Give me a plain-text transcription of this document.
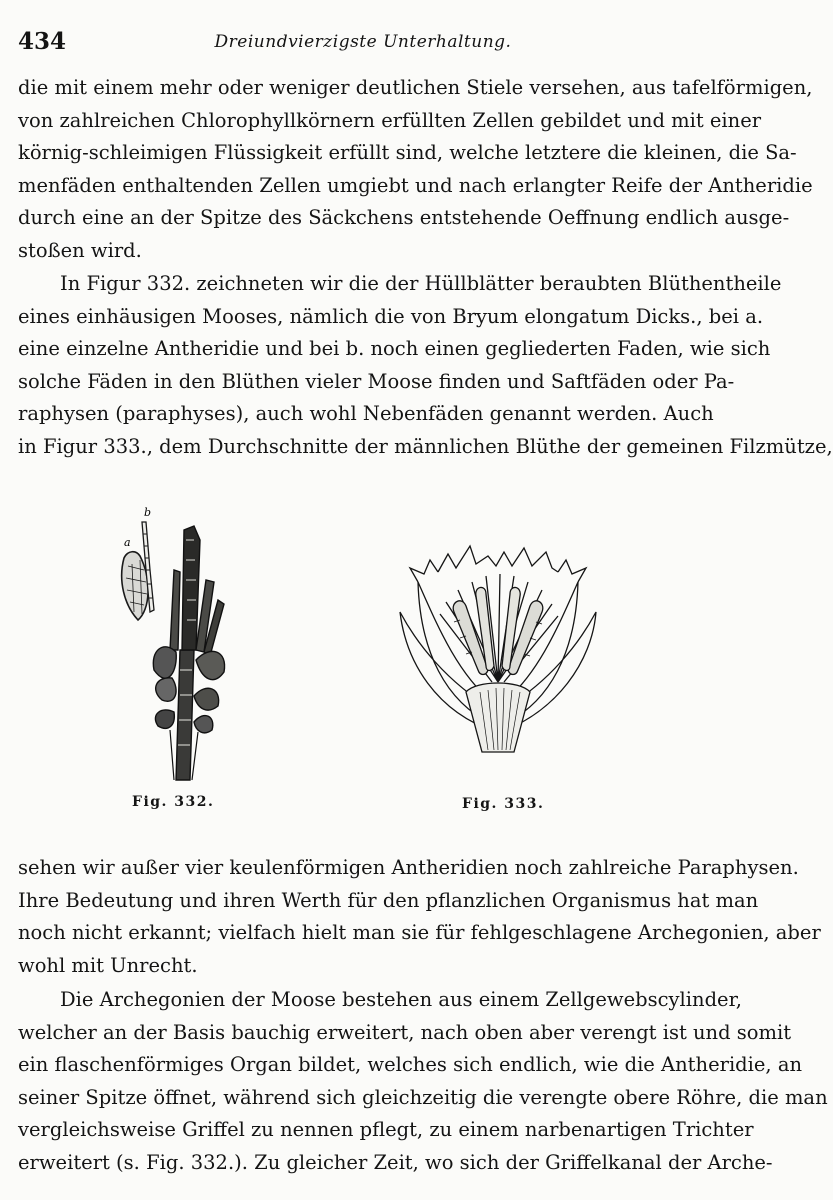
434	Dreiundvierzigste Unterhaltung.
die mit einem mehr oder weniger deutlichen Stiele versehen, aus tafelförmigen,
von zahlreichen Chlorophyllkörnern erfüllten Zellen gebildet und mit einer
körnig-schleimigen Flüssigkeit erfüllt sind, welche letztere die kleinen, die Sa-
menfäden enthaltenden Zellen umgiebt und nach erlangter Reife der Antheridie
durch eine an der Spitze des Säckchens entstehende Oeffnung endlich ausge-
stoßen wird.
In Figur 332. zeichneten wir die der Hüllblätter beraubten Blüthentheile
eines einhäusigen Mooses, nämlich die von Bryum elongatum Dicks., bei a.
eine einzelne Antheridie und bei b. noch einen gegliederten Faden, wie sich
solche Fäden in den Blüthen vieler Moose finden und Saftfäden oder Pa-
raphysen (paraphyses), auch wohl Nebenfäden genannt werden. Auch
in Figur 333., dem Durchschnitte der männlichen Blüthe der gemeinen Filzmütze,
a
b
Fig. 332.	Fig. 333.
sehen wir außer vier keulenförmigen Antheridien noch zahlreiche Paraphysen.
Ihre Bedeutung und ihren Werth für den pflanzlichen Organismus hat man
noch nicht erkannt; vielfach hielt man sie für fehlgeschlagene Archegonien, aber
wohl mit Unrecht.
Die Archegonien der Moose bestehen aus einem Zellgewebscylinder,
welcher an der Basis bauchig erweitert, nach oben aber verengt ist und somit
ein flaschenförmiges Organ bildet, welches sich endlich, wie die Antheridie, an
seiner Spitze öffnet, während sich gleichzeitig die verengte obere Röhre, die man
vergleichsweise Griffel zu nennen pflegt, zu einem narbenartigen Trichter
erweitert (s. Fig. 332.). Zu gleicher Zeit, wo sich der Griffelkanal der Arche-
